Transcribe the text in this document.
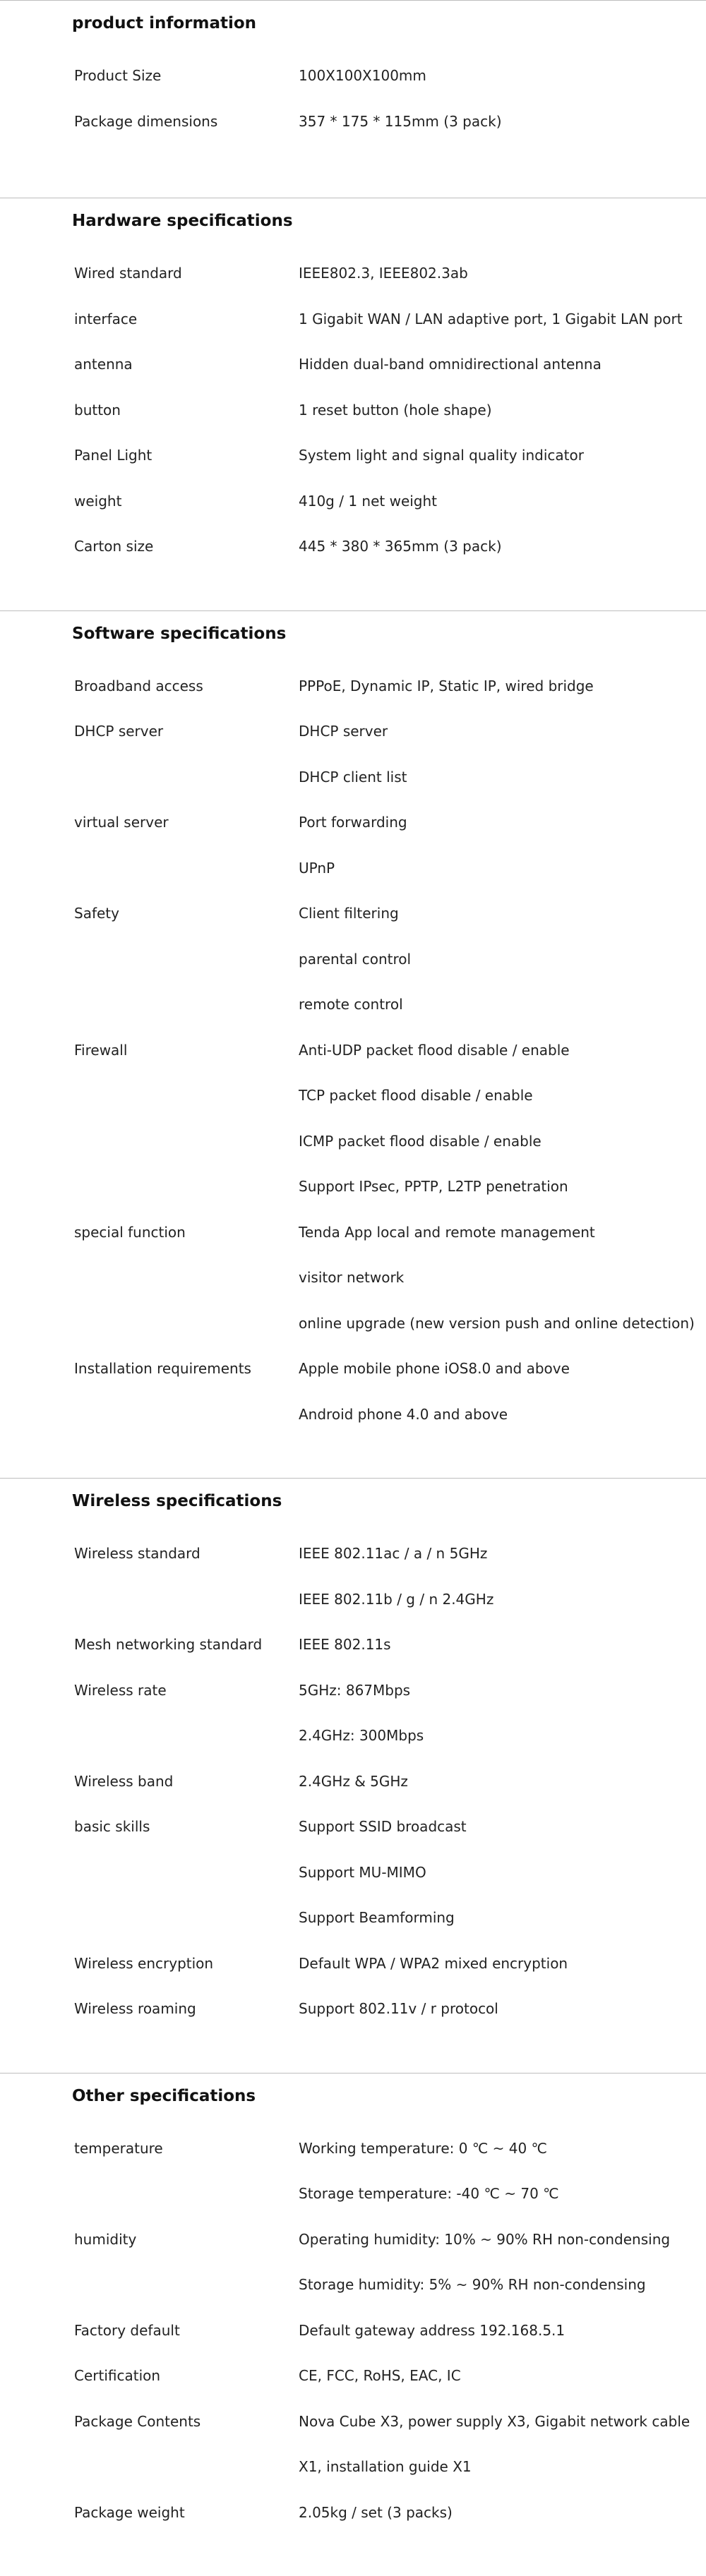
product information
Product Size	100X100X100mm
Package dimensions	357 * 175 * 115mm (3 pack)
Hardware specifications
Wired standard	IEEE802.3, IEEE802.3ab
interface	1 Gigabit WAN / LAN adaptive port, 1 Gigabit LAN port
antenna	Hidden dual-band omnidirectional antenna
button	1 reset button (hole shape)
Panel Light	System light and signal quality indicator
weight	410g / 1 net weight
Carton size	445 * 380 * 365mm (3 pack)
Software specifications
Broadband access	PPPoE, Dynamic IP, Static IP, wired bridge
DHCP server	DHCP server
DHCP client list
virtual server	Port forwarding
UPnP
Safety	Client filtering
parental control
remote control
Firewall	Anti-UDP packet flood disable / enable
TCP packet flood disable / enable
ICMP packet flood disable / enable
Support IPsec, PPTP, L2TP penetration
special function	Tenda App local and remote management
visitor network
online upgrade (new version push and online detection)
Installation requirements	Apple mobile phone iOS8.0 and above
Android phone 4.0 and above
Wireless specifications
Wireless standard	IEEE 802.11ac / a / n 5GHz
IEEE 802.11b / g / n 2.4GHz
Mesh networking standard	IEEE 802.11s
Wireless rate	5GHz: 867Mbps
2.4GHz: 300Mbps
Wireless band	2.4GHz & 5GHz
basic skills	Support SSID broadcast
Support MU-MIMO
Support Beamforming
Wireless encryption	Default WPA / WPA2 mixed encryption
Wireless roaming	Support 802.11v / r protocol
Other specifications
temperature	Working temperature: 0 ℃ ~ 40 ℃
Storage temperature: -40 ℃ ~ 70 ℃
humidity	Operating humidity: 10% ~ 90% RH non-condensing
Storage humidity: 5% ~ 90% RH non-condensing
Factory default	Default gateway address 192.168.5.1
Certification	CE, FCC, RoHS, EAC, IC
Package Contents	Nova Cube X3, power supply X3, Gigabit network cable
X1, installation guide X1
Package weight	2.05kg / set (3 packs)
